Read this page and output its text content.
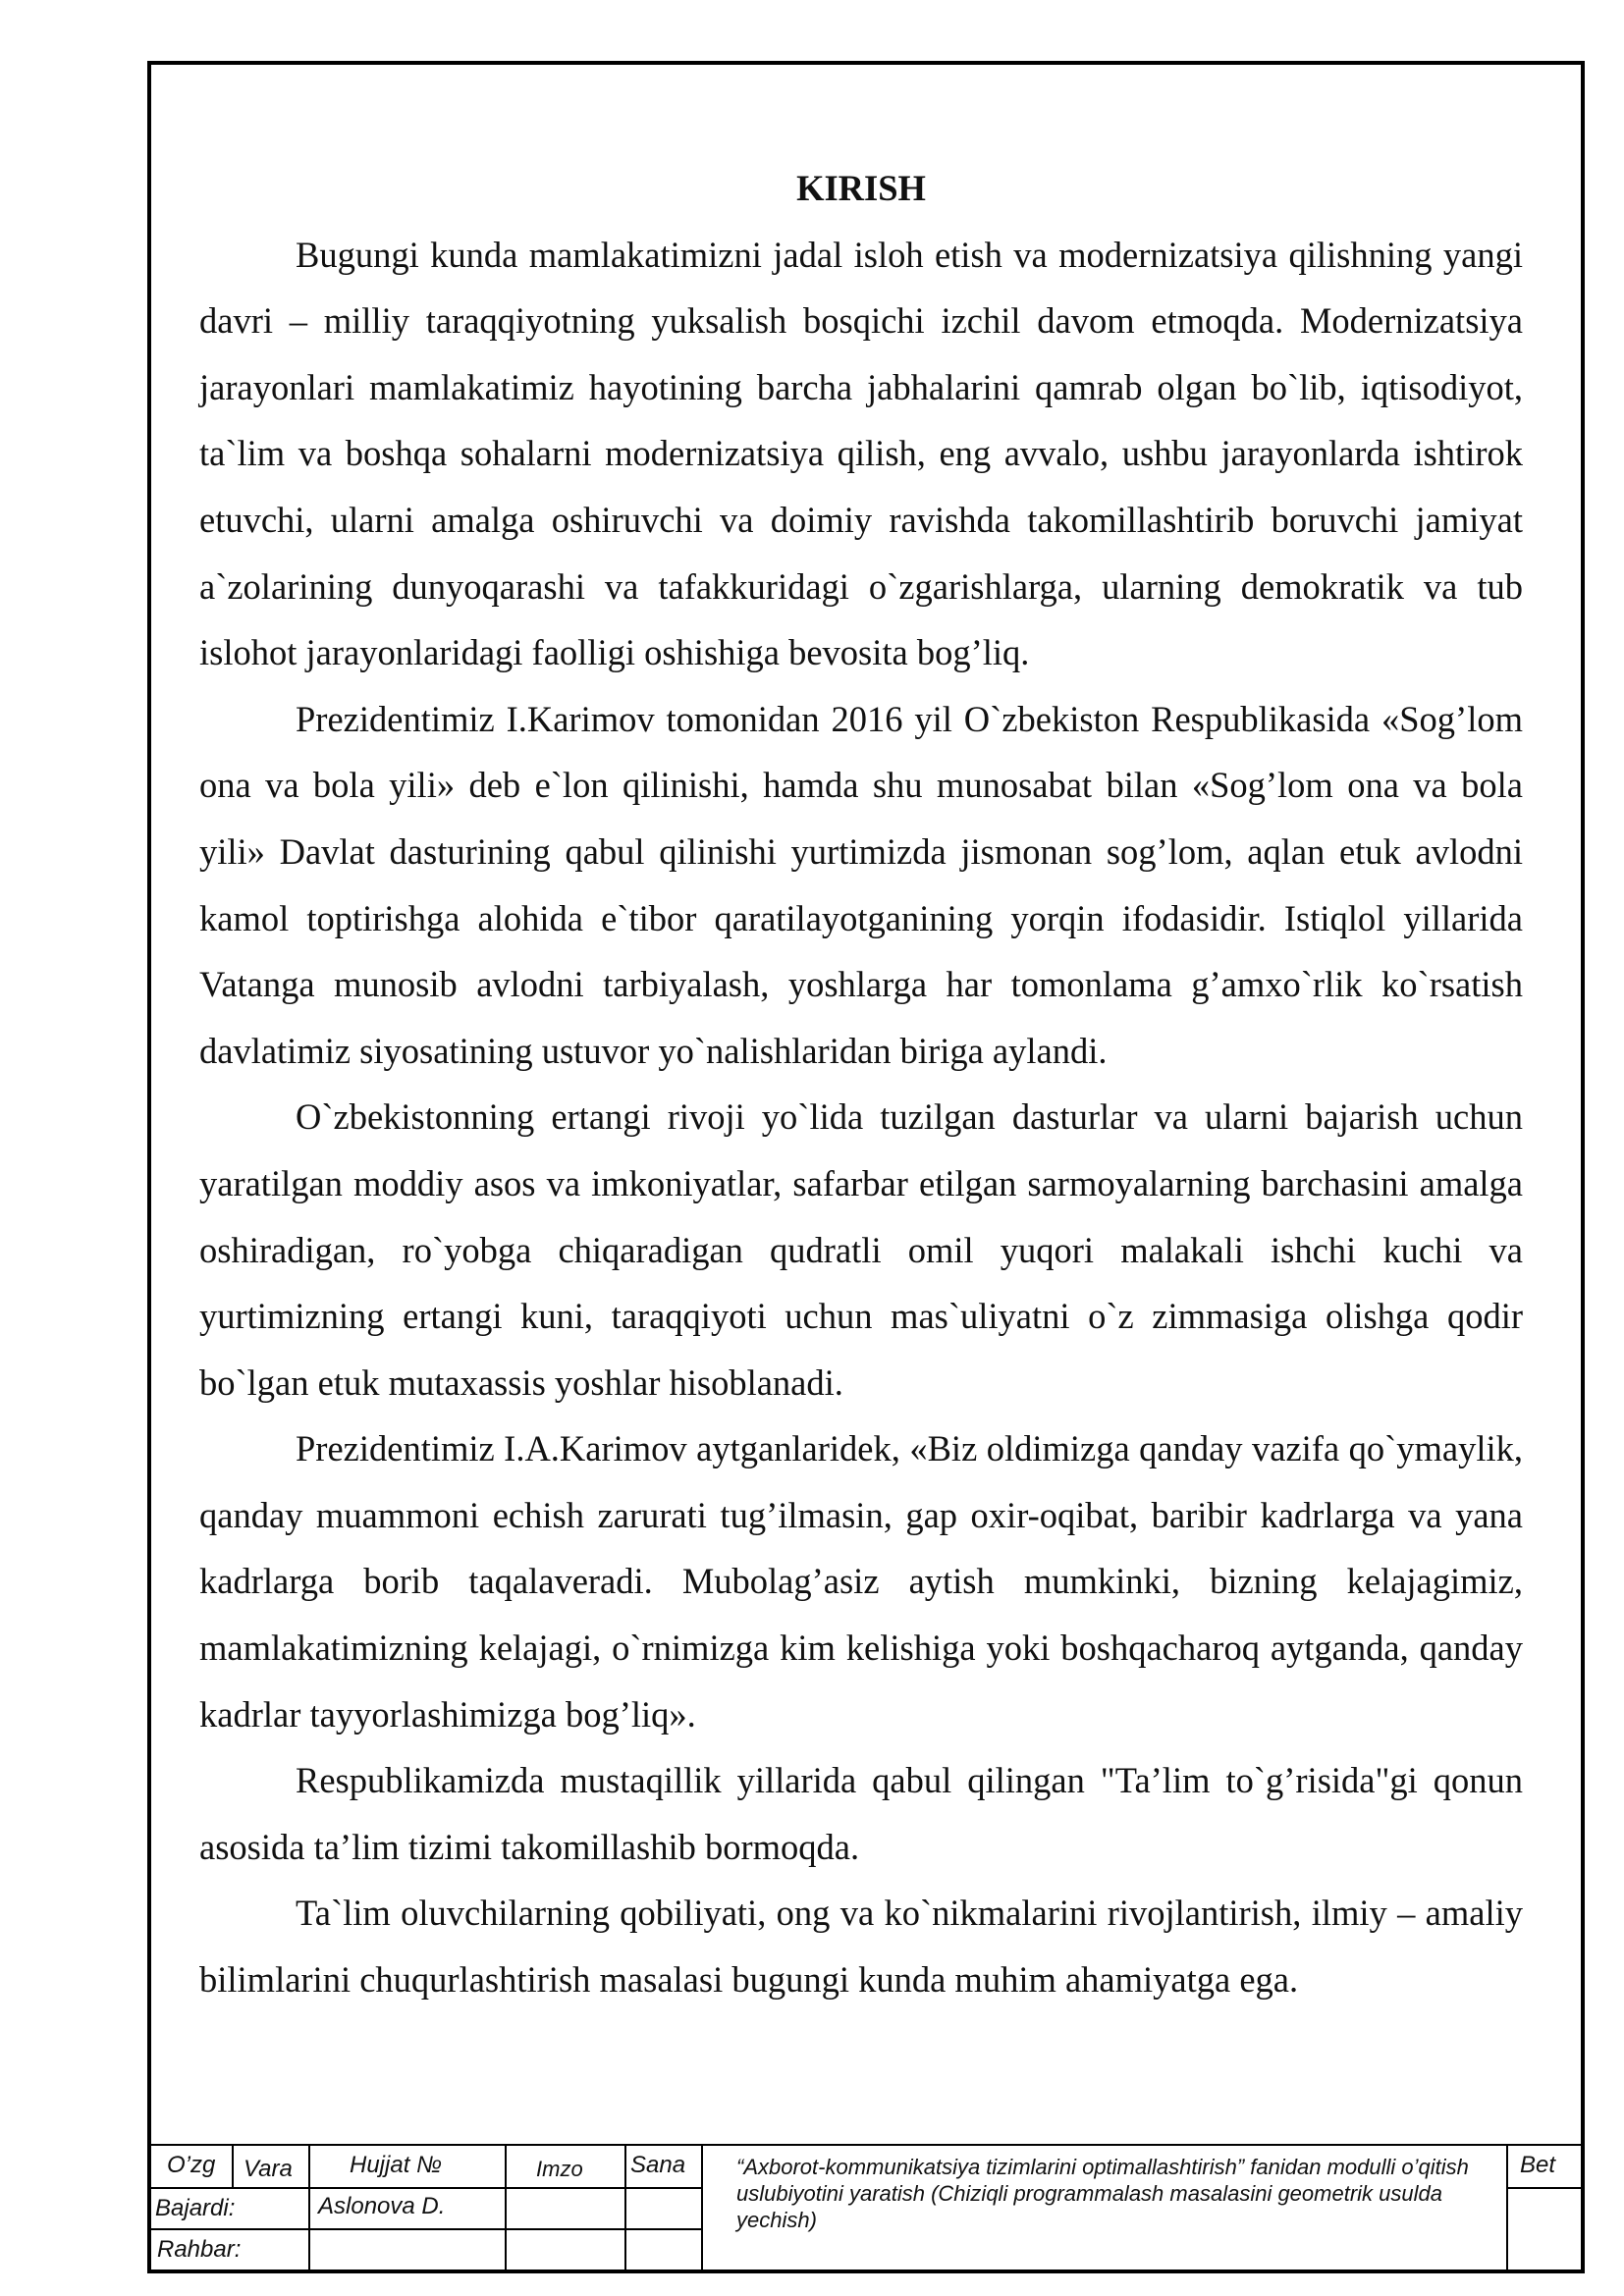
KIRISH

Bugungi kunda mamlakatimizni jadal isloh etish va modernizatsiya qilishning yangi davri – milliy taraqqiyotning yuksalish bosqichi izchil davom etmoqda. Modernizatsiya jarayonlari mamlakatimiz hayotining barcha jabhalarini qamrab olgan bo`lib, iqtisodiyot, ta`lim va boshqa sohalarni modernizatsiya qilish, eng avvalo, ushbu jarayonlarda ishtirok etuvchi, ularni amalga oshiruvchi va doimiy ravishda takomillashtirib boruvchi jamiyat a`zolarining dunyoqarashi va tafakkuridagi o`zgarishlarga, ularning demokratik va tub islohot jarayonlaridagi faolligi oshishiga bevosita bog’liq.

Prezidentimiz I.Karimov tomonidan 2016 yil O`zbekiston Respublikasida «Sog’lom ona va bola yili» deb e`lon qilinishi, hamda shu munosabat bilan «Sog’lom ona va bola yili» Davlat dasturining qabul qilinishi yurtimizda jismonan sog’lom, aqlan etuk avlodni kamol toptirishga alohida e`tibor qaratilayotganining yorqin ifodasidir. Istiqlol yillarida Vatanga munosib avlodni tarbiyalash, yoshlarga har tomonlama g’amxo`rlik ko`rsatish davlatimiz siyosatining ustuvor yo`nalishlaridan biriga aylandi.

O`zbekistonning ertangi rivoji yo`lida tuzilgan dasturlar va ularni bajarish uchun yaratilgan moddiy asos va imkoniyatlar, safarbar etilgan sarmoyalarning barchasini amalga oshiradigan, ro`yobga chiqaradigan qudratli omil yuqori malakali ishchi kuchi va yurtimizning ertangi kuni, taraqqiyoti uchun mas`uliyatni o`z zimmasiga olishga qodir bo`lgan etuk mutaxassis yoshlar hisoblanadi.

Prezidentimiz I.A.Karimov aytganlaridek, «Biz oldimizga qanday vazifa qo`ymaylik, qanday muammoni echish zarurati tug’ilmasin, gap oxir-oqibat, baribir kadrlarga va yana kadrlarga borib taqalaveradi. Mubolag’asiz aytish mumkinki, bizning kelajagimiz, mamlakatimizning kelajagi, o`rnimizga kim kelishiga yoki boshqacharoq aytganda, qanday kadrlar tayyorlashimizga bog’liq».

Respublikamizda mustaqillik yillarida qabul qilingan "Ta’lim to`g’risida"gi qonun asosida ta’lim tizimi takomillashib bormoqda.

Ta`lim oluvchilarning qobiliyati, ong va ko`nikmalarini rivojlantirish, ilmiy – amaliy bilimlarini chuqurlashtirish masalasi bugungi kunda muhim ahamiyatga ega.

O’zg Vara Hujjat №	Imzo Sana
Bajardi:	Aslonova D.
Rahbar:
“Axborot-kommunikatsiya tizimlarini optimallashtirish” fanidan modulli o’qitish uslubiyotini yaratish (Chiziqli programmalash masalasini geometrik usulda yechish)
Bet
